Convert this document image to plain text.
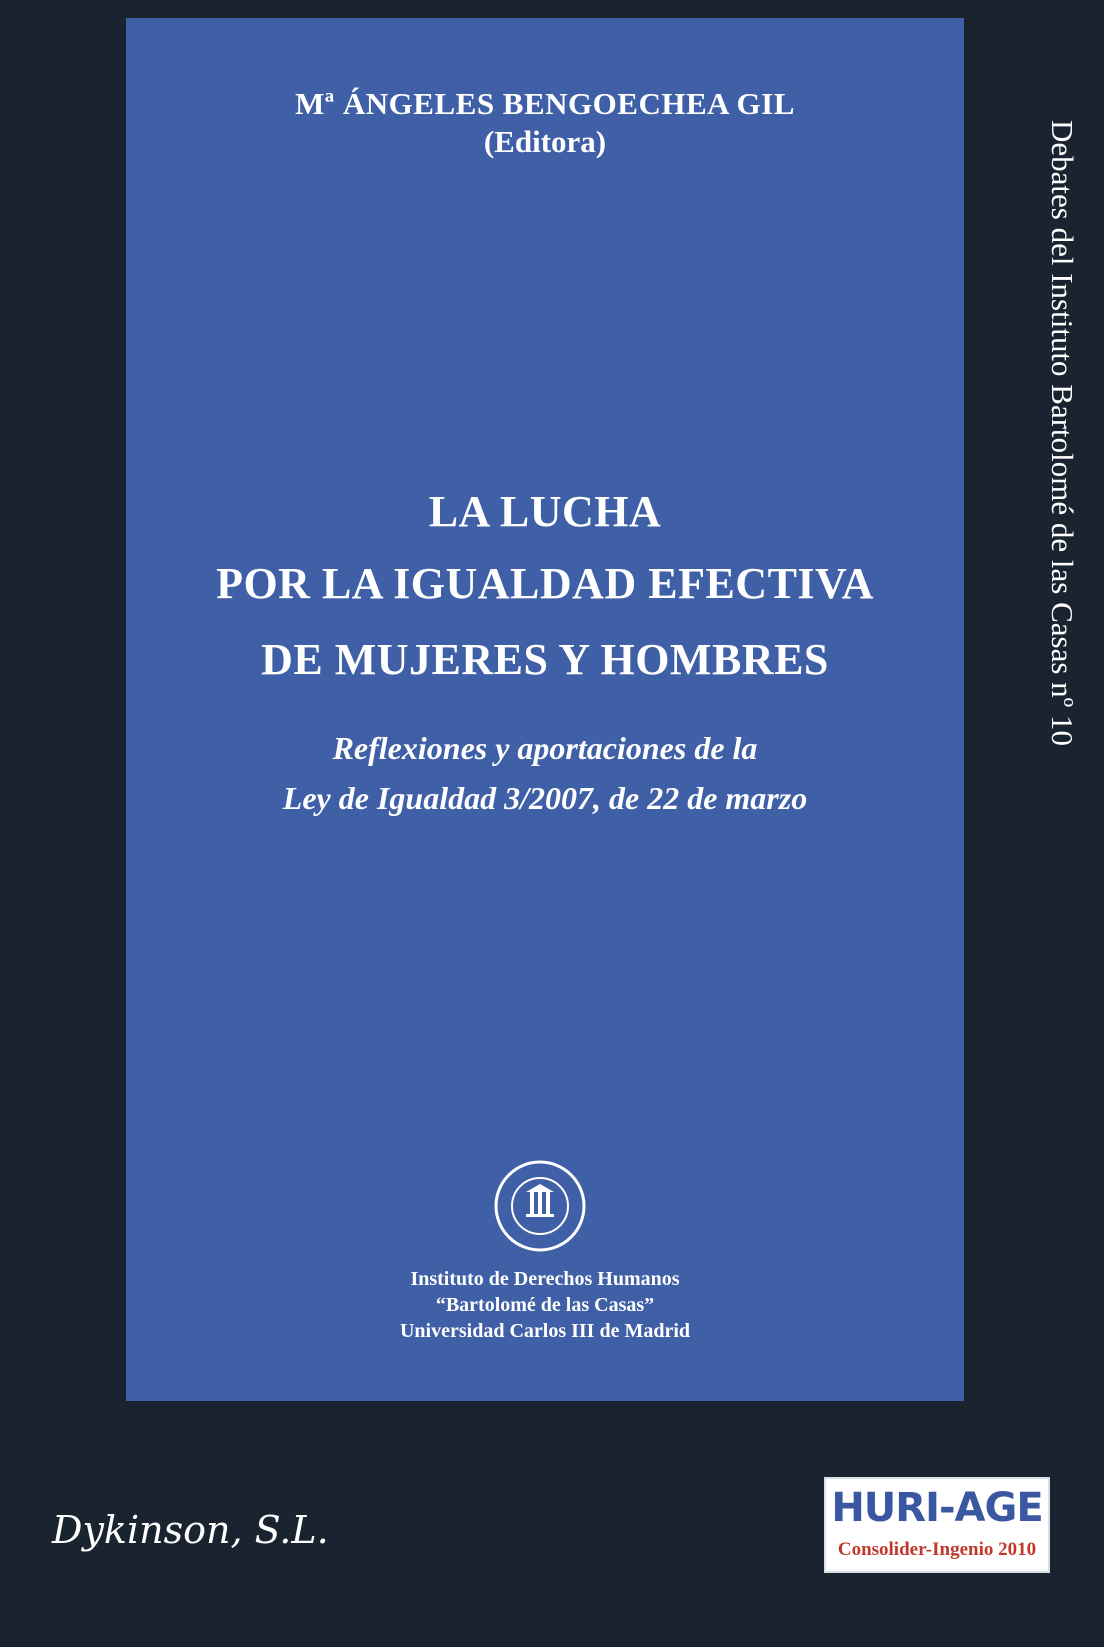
Mª ÁNGELES BENGOECHEA GIL
(Editora)
LA LUCHA
POR LA IGUALDAD EFECTIVA
DE MUJERES Y HOMBRES
Reflexiones y aportaciones de la
Ley de Igualdad 3/2007, de 22 de marzo
Instituto de Derechos Humanos
“Bartolomé de las Casas”
Universidad Carlos III de Madrid
Debates del Instituto Bartolomé de las Casas nº 10
Dykinson, S.L.	HURI-AGE
Consolider-Ingenio 2010
